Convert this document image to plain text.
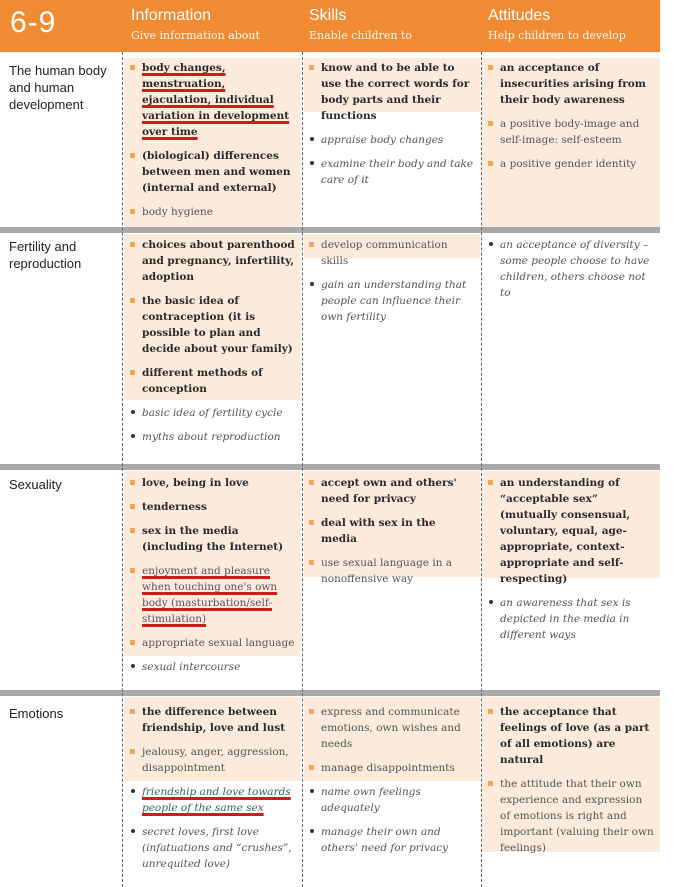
6-9	Information
Give information about
Skills
Enable children to
Attitudes
Help children to develop
The human body and human development
Fertility and reproduction
Sexuality
Emotions
body changes, menstruation, ejaculation, individual variation in development over time
(biological) differences between men and women (internal and external)
body hygiene
know and to be able to use the correct words for body parts and their functions
appraise body changes
examine their body and take care of it
an acceptance of insecurities arising from their body awareness
a positive body-image and self-image: self-esteem
a positive gender identity
choices about parenthood and pregnancy, infertility, adoption
the basic idea of contraception (it is possible to plan and decide about your family)
different methods of conception
basic idea of fertility cycle
myths about reproduction
develop communication skills
gain an understanding that people can influence their own fertility
an acceptance of diversity – some people choose to have children, others choose not to
love, being in love
tenderness
sex in the media (including the Internet)
enjoyment and pleasure when touching one's own body (masturbation/self-stimulation)
appropriate sexual language
sexual intercourse
accept own and others' need for privacy
deal with sex in the media
use sexual language in a nonoffensive way
an understanding of “acceptable sex” (mutually consensual, voluntary, equal, age-appropriate, context-appropriate and self-respecting)
an awareness that sex is depicted in the media in different ways
the difference between friendship, love and lust
jealousy, anger, aggression, disappointment
friendship and love towards people of the same sex
secret loves, first love (infatuations and “crushes”, unrequited love)
express and communicate emotions, own wishes and needs
manage disappointments
name own feelings adequately
manage their own and others' need for privacy
the acceptance that feelings of love (as a part of all emotions) are natural
the attitude that their own experience and expression of emotions is right and important (valuing their own feelings)
